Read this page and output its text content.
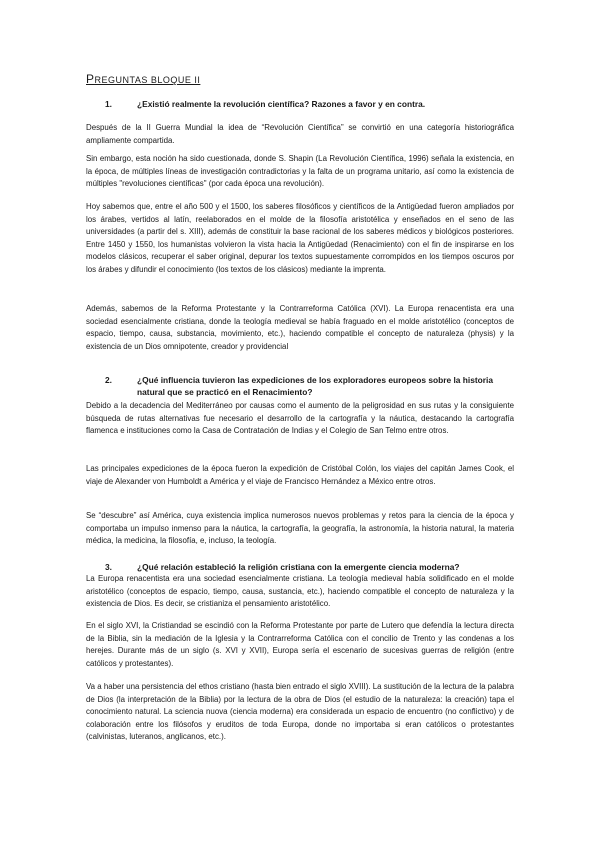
PREGUNTAS BLOQUE II
1.	¿Existió realmente la revolución científica? Razones a favor y en contra.

Después de la II Guerra Mundial la idea de “Revolución Científica” se convirtió en una categoría historiográfica ampliamente compartida.

Sin embargo, esta noción ha sido cuestionada, donde S. Shapin (La Revolución Científica, 1996) señala la existencia, en la época, de múltiples líneas de investigación contradictorias y la falta de un programa unitario, así como la existencia de múltiples "revoluciones científicas" (por cada época una revolución).

Hoy sabemos que, entre el año 500 y el 1500, los saberes filosóficos y científicos de la Antigüedad fueron ampliados por los árabes, vertidos al latín, reelaborados en el molde de la filosofía aristotélica y enseñados en el seno de las universidades (a partir del s. XIII), además de constituir la base racional de los saberes médicos y biológicos posteriores. Entre 1450 y 1550, los humanistas volvieron la vista hacia la Antigüedad (Renacimiento) con el fin de inspirarse en los modelos clásicos, recuperar el saber original, depurar los textos supuestamente corrompidos en los tiempos oscuros por los árabes y difundir el conocimiento (los textos de los clásicos) mediante la imprenta.

Además, sabemos de la Reforma Protestante y la Contrarreforma Católica (XVI). La Europa renacentista era una sociedad esencialmente cristiana, donde la teología medieval se había fraguado en el molde aristotélico (conceptos de espacio, tiempo, causa, substancia, movimiento, etc.), haciendo compatible el concepto de naturaleza (physis) y la existencia de un Dios omnipotente, creador y providencial

2.	¿Qué influencia tuvieron las expediciones de los exploradores europeos sobre la historia natural que se practicó en el Renacimiento?

Debido a la decadencia del Mediterráneo por causas como el aumento de la peligrosidad en sus rutas y la consiguiente búsqueda de rutas alternativas fue necesario el desarrollo de la cartografía y la náutica, destacando la cartografía flamenca e instituciones como la Casa de Contratación de Indias y el Colegio de San Telmo entre otros.

Las principales expediciones de la época fueron la expedición de Cristóbal Colón, los viajes del capitán James Cook, el viaje de Alexander von Humboldt a América y el viaje de Francisco Hernández a México entre otros.

Se “descubre” así América, cuya existencia implica numerosos nuevos problemas y retos para la ciencia de la época y comportaba un impulso inmenso para la náutica, la cartografía, la geografía, la astronomía, la historia natural, la materia médica, la medicina, la filosofía, e, incluso, la teología.

3.	¿Qué relación estableció la religión cristiana con la emergente ciencia moderna?

La Europa renacentista era una sociedad esencialmente cristiana. La teología medieval había solidificado en el molde aristotélico (conceptos de espacio, tiempo, causa, sustancia, etc.), haciendo compatible el concepto de naturaleza y la existencia de Dios. Es decir, se cristianiza el pensamiento aristotélico.

En el siglo XVI, la Cristiandad se escindió con la Reforma Protestante por parte de Lutero que defendía la lectura directa de la Biblia, sin la mediación de la Iglesia y la Contrarreforma Católica con el concilio de Trento y las condenas a los herejes. Durante más de un siglo (s. XVI y XVII), Europa sería el escenario de sucesivas guerras de religión (entre católicos y protestantes).

Va a haber una persistencia del ethos cristiano (hasta bien entrado el siglo XVIII). La sustitución de la lectura de la palabra de Dios (la interpretación de la Biblia) por la lectura de la obra de Dios (el estudio de la naturaleza: la creación) tapa el conocimiento natural. La sciencia nuova (ciencia moderna) era considerada un espacio de encuentro (no conflictivo) y de colaboración entre los filósofos y eruditos de toda Europa, donde no importaba si eran católicos o protestantes (calvinistas, luteranos, anglicanos, etc.).
